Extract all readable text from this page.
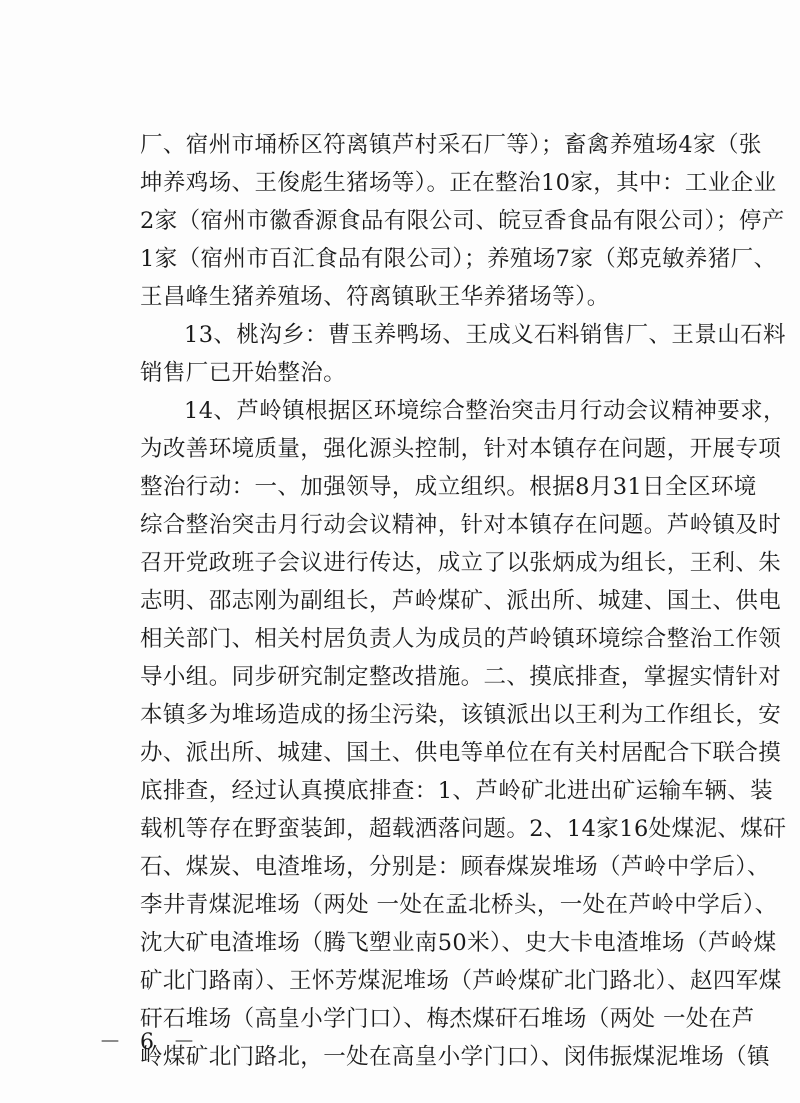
厂、宿州市埇桥区符离镇芦村采石厂等）；畜禽养殖场4家（张
坤养鸡场、王俊彪生猪场等）。正在整治10家，其中：工业企业
2家（宿州市徽香源食品有限公司、皖豆香食品有限公司）；停产
1家（宿州市百汇食品有限公司）；养殖场7家（郑克敏养猪厂、
王昌峰生猪养殖场、符离镇耿王华养猪场等）。
13、桃沟乡：曹玉养鸭场、王成义石料销售厂、王景山石料
销售厂已开始整治。
14、芦岭镇根据区环境综合整治突击月行动会议精神要求，
为改善环境质量，强化源头控制，针对本镇存在问题，开展专项
整治行动：一、加强领导，成立组织。根据8月31日全区环境
综合整治突击月行动会议精神，针对本镇存在问题。芦岭镇及时
召开党政班子会议进行传达，成立了以张炳成为组长，王利、朱
志明、邵志刚为副组长，芦岭煤矿、派出所、城建、国土、供电
相关部门、相关村居负责人为成员的芦岭镇环境综合整治工作领
导小组。同步研究制定整改措施。二、摸底排查，掌握实情针对
本镇多为堆场造成的扬尘污染，该镇派出以王利为工作组长，安
办、派出所、城建、国土、供电等单位在有关村居配合下联合摸
底排查，经过认真摸底排查：1、芦岭矿北进出矿运输车辆、装
载机等存在野蛮装卸，超载洒落问题。2、14家16处煤泥、煤矸
石、煤炭、电渣堆场，分别是：顾春煤炭堆场（芦岭中学后）、
李井青煤泥堆场（两处 一处在孟北桥头，一处在芦岭中学后）、
沈大矿电渣堆场（腾飞塑业南50米）、史大卡电渣堆场（芦岭煤
矿北门路南）、王怀芳煤泥堆场（芦岭煤矿北门路北）、赵四军煤
矸石堆场（高皇小学门口）、梅杰煤矸石堆场（两处 一处在芦
岭煤矿北门路北，一处在高皇小学门口）、闵伟振煤泥堆场（镇
－ 6 －
